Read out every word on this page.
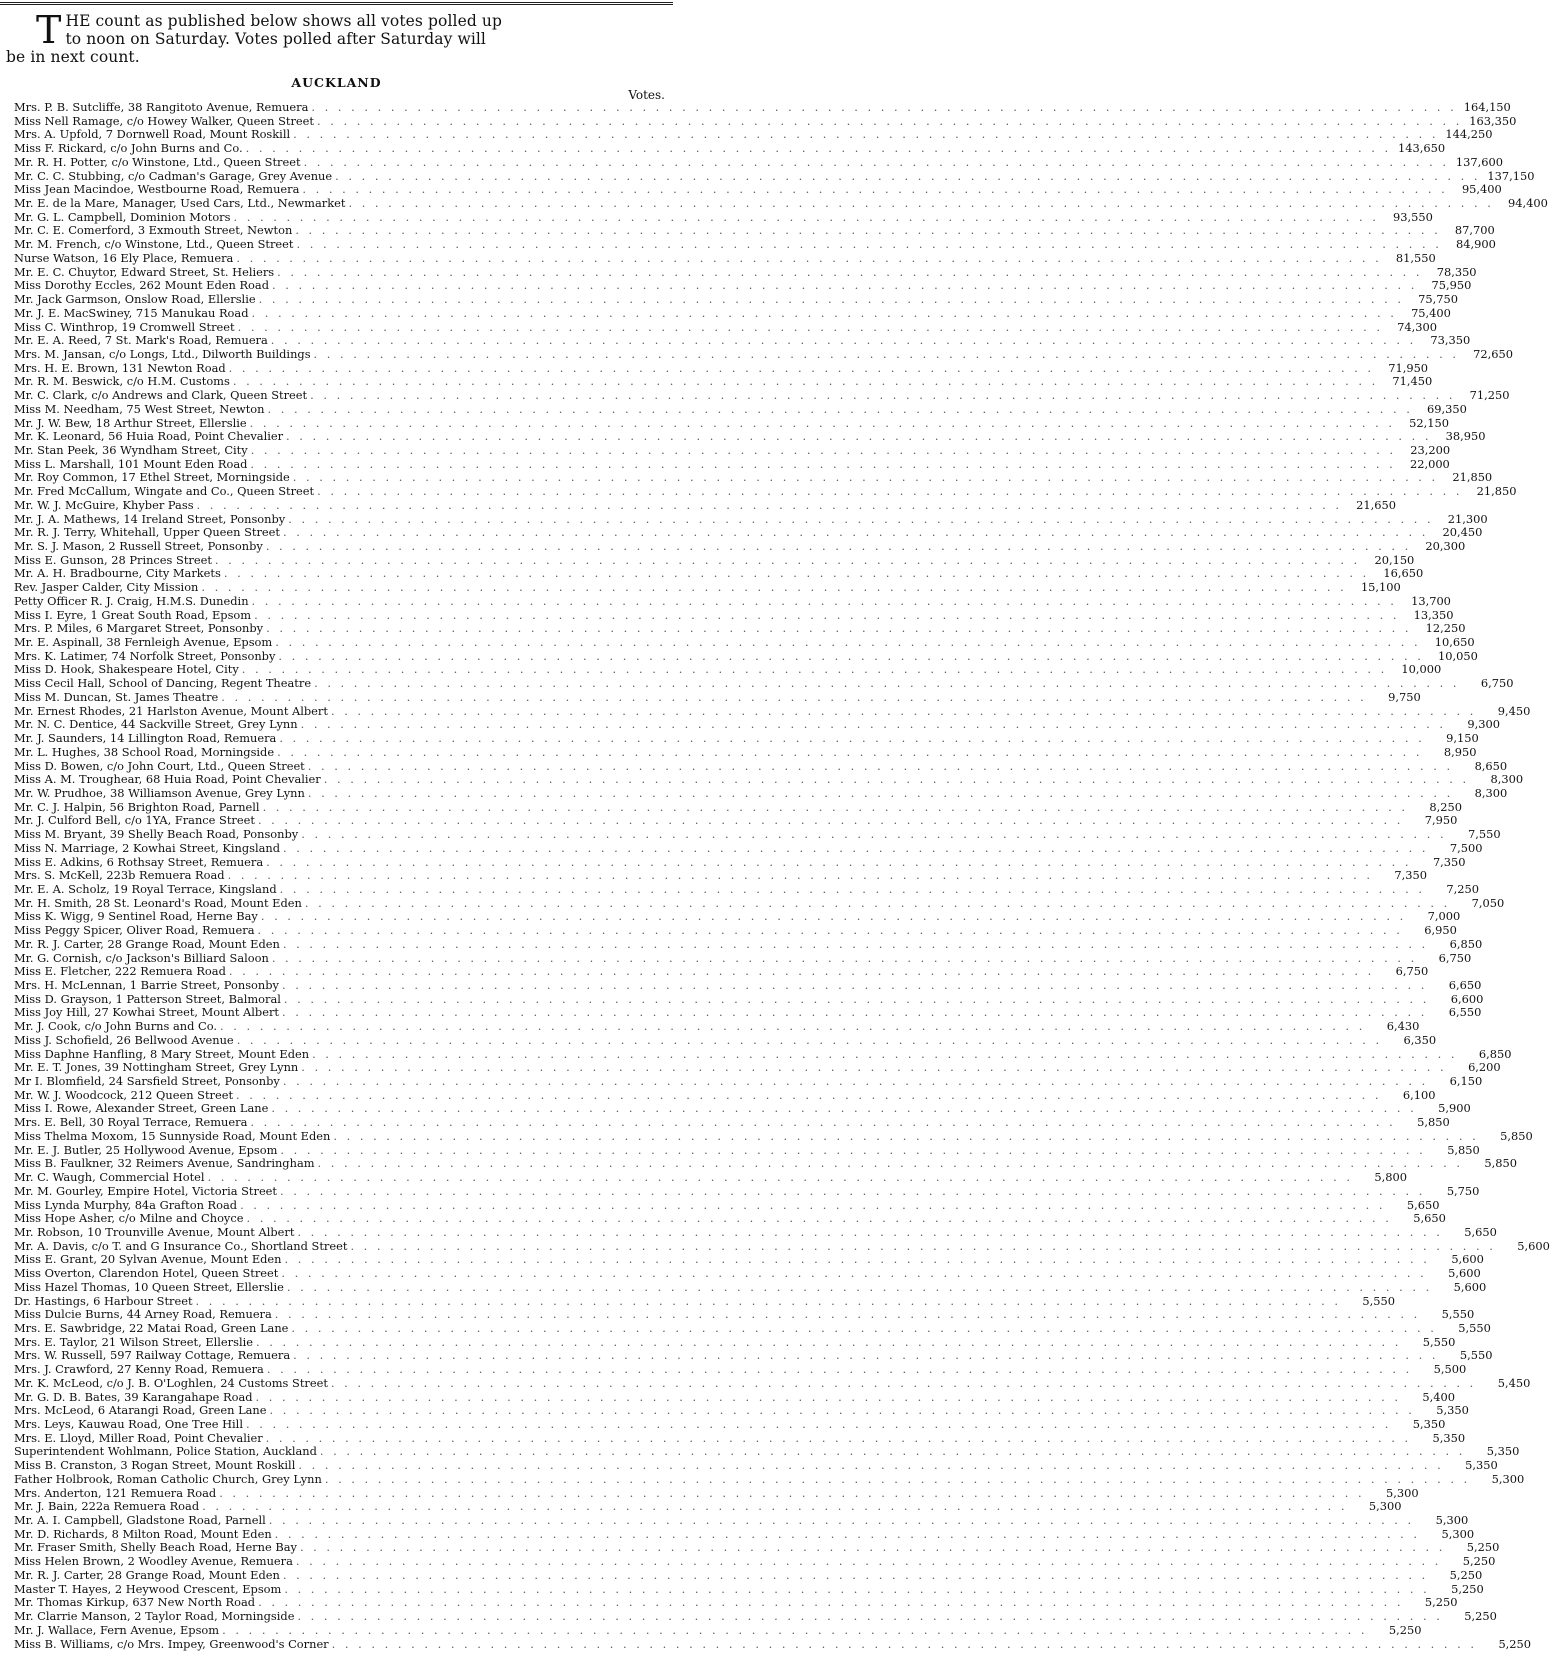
T HE count as published below shows all votes polled up
to noon on Saturday. Votes polled after Saturday will
be in next count.
AUCKLAND
Votes.
Mrs. P. B. Sutcliffe, 38 Rangitoto Avenue, Remuera . . .	164,150
Miss Nell Ramage, c/o Howey Walker, Queen Street . . .	163,350
Mrs. A. Upfold, 7 Dornwell Road, Mount Roskill . . .	144,250
Miss F. Rickard, c/o John Burns and Co. . . .	143,650
Mr. R. H. Potter, c/o Winstone, Ltd., Queen Street . . .	137,600
Mr. C. C. Stubbing, c/o Cadman's Garage, Grey Avenue . . .	137,150
Miss Jean Macindoe, Westbourne Road, Remuera . . .	95,400
Mr. E. de la Mare, Manager, Used Cars, Ltd., Newmarket . . .	94,400
Mr. G. L. Campbell, Dominion Motors . . .	93,550
Mr. C. E. Comerford, 3 Exmouth Street, Newton . . .	87,700
Mr. M. French, c/o Winstone, Ltd., Queen Street . . .	84,900
Nurse Watson, 16 Ely Place, Remuera . . .	81,550
Mr. E. C. Chuytor, Edward Street, St. Heliers . . .	78,350
Miss Dorothy Eccles, 262 Mount Eden Road . . .	75,950
Mr. Jack Garmson, Onslow Road, Ellerslie . . .	75,750
Mr. J. E. MacSwiney, 715 Manukau Road . . .	75,400
Miss C. Winthrop, 19 Cromwell Street . . .	74,300
Mr. E. A. Reed, 7 St. Mark's Road, Remuera . . .	73,350
Mrs. M. Jansan, c/o Longs, Ltd., Dilworth Buildings . . .	72,650
Mrs. H. E. Brown, 131 Newton Road . . .	71,950
Mr. R. M. Beswick, c/o H.M. Customs . . .	71,450
Mr. C. Clark, c/o Andrews and Clark, Queen Street . . .	71,250
Miss M. Needham, 75 West Street, Newton . . .	69,350
Mr. J. W. Bew, 18 Arthur Street, Ellerslie . . .	52,150
Mr. K. Leonard, 56 Huia Road, Point Chevalier . . .	38,950
Mr. Stan Peek, 36 Wyndham Street, City . . .	23,200
Miss L. Marshall, 101 Mount Eden Road . . .	22,000
Mr. Roy Common, 17 Ethel Street, Morningside . . .	21,850
Mr. Fred McCallum, Wingate and Co., Queen Street . . .	21,850
Mr. W. J. McGuire, Khyber Pass . . .	21,650
Mr. J. A. Mathews, 14 Ireland Street, Ponsonby . . .	21,300
Mr. R. J. Terry, Whitehall, Upper Queen Street . . .	20,450
Mr. S. J. Mason, 2 Russell Street, Ponsonby . . .	20,300
Miss E. Gunson, 28 Princes Street . . .	20,150
Mr. A. H. Bradbourne, City Markets . . .	16,650
Rev. Jasper Calder, City Mission . . .	15,100
Petty Officer R. J. Craig, H.M.S. Dunedin . . .	13,700
Miss I. Eyre, 1 Great South Road, Epsom . . .	13,350
Mrs. P. Miles, 6 Margaret Street, Ponsonby . . .	12,250
Mr. E. Aspinall, 38 Fernleigh Avenue, Epsom . . .	10,650
Mrs. K. Latimer, 74 Norfolk Street, Ponsonby . . .	10,050
Miss D. Hook, Shakespeare Hotel, City . . .	10,000
Miss Cecil Hall, School of Dancing, Regent Theatre . . .	6,750
Miss M. Duncan, St. James Theatre . . .	9,750
Mr. Ernest Rhodes, 21 Harlston Avenue, Mount Albert . . .	9,450
Mr. N. C. Dentice, 44 Sackville Street, Grey Lynn . . .	9,300
Mr. J. Saunders, 14 Lillington Road, Remuera . . .	9,150
Mr. L. Hughes, 38 School Road, Morningside . . .	8,950
Miss D. Bowen, c/o John Court, Ltd., Queen Street . . .	8,650
Miss A. M. Troughear, 68 Huia Road, Point Chevalier . . .	8,300
Mr. W. Prudhoe, 38 Williamson Avenue, Grey Lynn . . .	8,300
Mr. C. J. Halpin, 56 Brighton Road, Parnell . . .	8,250
Mr. J. Culford Bell, c/o 1YA, France Street . . .	7,950
Miss M. Bryant, 39 Shelly Beach Road, Ponsonby . . .	7,550
Miss N. Marriage, 2 Kowhai Street, Kingsland . . .	7,500
Miss E. Adkins, 6 Rothsay Street, Remuera . . .	7,350
Mrs. S. McKell, 223b Remuera Road . . .	7,350
Mr. E. A. Scholz, 19 Royal Terrace, Kingsland . . .	7,250
Mr. H. Smith, 28 St. Leonard's Road, Mount Eden . . .	7,050
Miss K. Wigg, 9 Sentinel Road, Herne Bay . . .	7,000
Miss Peggy Spicer, Oliver Road, Remuera . . .	6,950
Mr. R. J. Carter, 28 Grange Road, Mount Eden . . .	6,850
Mr. G. Cornish, c/o Jackson's Billiard Saloon . . .	6,750
Miss E. Fletcher, 222 Remuera Road . . .	6,750
Mrs. H. McLennan, 1 Barrie Street, Ponsonby . . .	6,650
Miss D. Grayson, 1 Patterson Street, Balmoral . . .	6,600
Miss Joy Hill, 27 Kowhai Street, Mount Albert . . .	6,550
Mr. J. Cook, c/o John Burns and Co. . . .	6,430
Miss J. Schofield, 26 Bellwood Avenue . . .	6,350
Miss Daphne Hanfling, 8 Mary Street, Mount Eden . . .	6,850
Mr. E. T. Jones, 39 Nottingham Street, Grey Lynn . . .	6,200
Mr I. Blomfield, 24 Sarsfield Street, Ponsonby . . .	6,150
Mr. W. J. Woodcock, 212 Queen Street . . .	6,100
Miss I. Rowe, Alexander Street, Green Lane . . .	5,900
Mrs. E. Bell, 30 Royal Terrace, Remuera . . .	5,850
Miss Thelma Moxom, 15 Sunnyside Road, Mount Eden . . .	5,850
Mr. E. J. Butler, 25 Hollywood Avenue, Epsom . . .	5,850
Miss B. Faulkner, 32 Reimers Avenue, Sandringham . . .	5,850
Mr. C. Waugh, Commercial Hotel . . .	5,800
Mr. M. Gourley, Empire Hotel, Victoria Street . . .	5,750
Miss Lynda Murphy, 84a Grafton Road . . .	5,650
Miss Hope Asher, c/o Milne and Choyce . . .	5,650
Mr. Robson, 10 Trounville Avenue, Mount Albert . . .	5,650
Mr. A. Davis, c/o T. and G Insurance Co., Shortland Street . . .	5,600
Miss E. Grant, 20 Sylvan Avenue, Mount Eden . . .	5,600
Miss Overton, Clarendon Hotel, Queen Street . . .	5,600
Miss Hazel Thomas, 10 Queen Street, Ellerslie . . .	5,600
Dr. Hastings, 6 Harbour Street . . .	5,550
Miss Dulcie Burns, 44 Arney Road, Remuera . . .	5,550
Mrs. E. Sawbridge, 22 Matai Road, Green Lane . . .	5,550
Mrs. E. Taylor, 21 Wilson Street, Ellerslie . . .	5,550
Mrs. W. Russell, 597 Railway Cottage, Remuera . . .	5,550
Mrs. J. Crawford, 27 Kenny Road, Remuera . . .	5,500
Mr. K. McLeod, c/o J. B. O'Loghlen, 24 Customs Street . . .	5,450
Mr. G. D. B. Bates, 39 Karangahape Road . . .	5,400
Mrs. McLeod, 6 Atarangi Road, Green Lane . . .	5,350
Mrs. Leys, Kauwau Road, One Tree Hill . . .	5,350
Mrs. E. Lloyd, Miller Road, Point Chevalier . . .	5,350
Superintendent Wohlmann, Police Station, Auckland . . .	5,350
Miss B. Cranston, 3 Rogan Street, Mount Roskill . . .	5,350
Father Holbrook, Roman Catholic Church, Grey Lynn . . .	5,300
Mrs. Anderton, 121 Remuera Road . . .	5,300
Mr. J. Bain, 222a Remuera Road . . .	5,300
Mr. A. I. Campbell, Gladstone Road, Parnell . . .	5,300
Mr. D. Richards, 8 Milton Road, Mount Eden . . .	5,300
Mr. Fraser Smith, Shelly Beach Road, Herne Bay . . .	5,250
Miss Helen Brown, 2 Woodley Avenue, Remuera . . .	5,250
Mr. R. J. Carter, 28 Grange Road, Mount Eden . . .	5,250
Master T. Hayes, 2 Heywood Crescent, Epsom . . .	5,250
Mr. Thomas Kirkup, 637 New North Road . . .	5,250
Mr. Clarrie Manson, 2 Taylor Road, Morningside . . .	5,250
Mr. J. Wallace, Fern Avenue, Epsom . . .	5,250
Miss B. Williams, c/o Mrs. Impey, Greenwood's Corner . . .	5,250
